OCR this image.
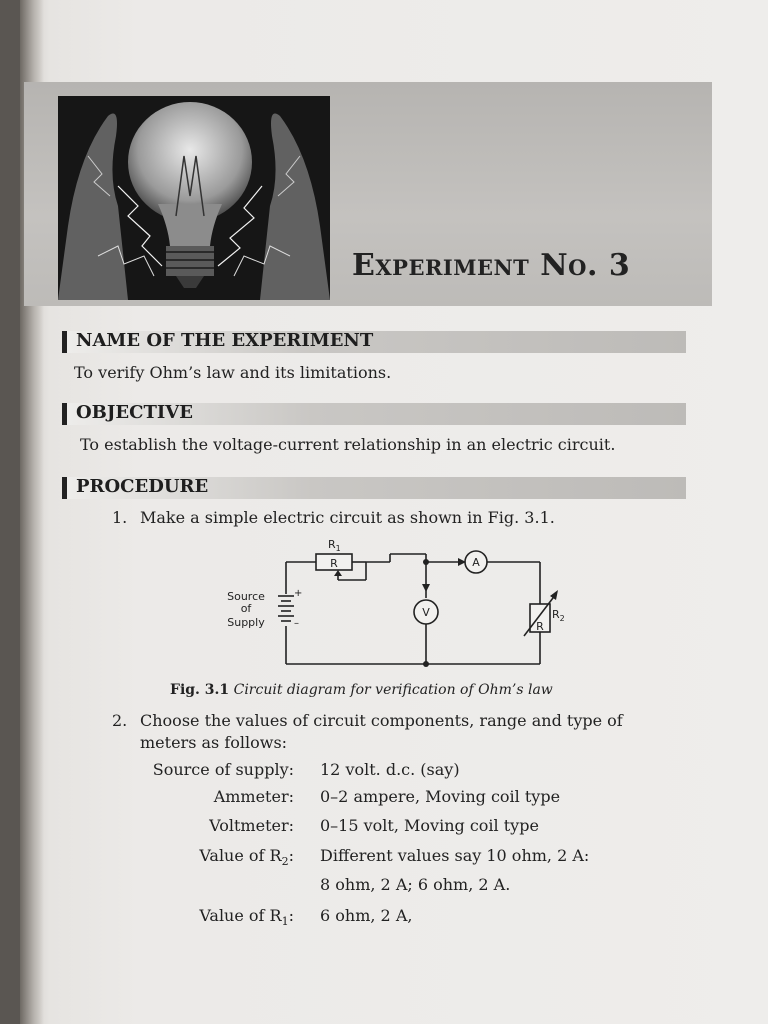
Experiment No. 3
NAME OF THE EXPERIMENT
To verify Ohm’s law and its limitations.
OBJECTIVE
To establish the voltage-current relationship in an electric circuit.
PROCEDURE
1. Make a simple electric circuit as shown in Fig. 3.1.
$R_1$
R	A
V	$R_2$
R
Source
of
Supply
+
–
Fig. 3.1 Circuit diagram for verification of Ohm’s law
2. Choose the values of circuit components, range and type of
meters as follows:
Source of supply: 12 volt. d.c. (say)
Ammeter: 0–2 ampere, Moving coil type
Voltmeter: 0–15 volt, Moving coil type
Value of $R_2$: Different values say 10 ohm, 2 A:
8 ohm, 2 A; 6 ohm, 2 A.
Value of $R_1$: 6 ohm, 2 A,
